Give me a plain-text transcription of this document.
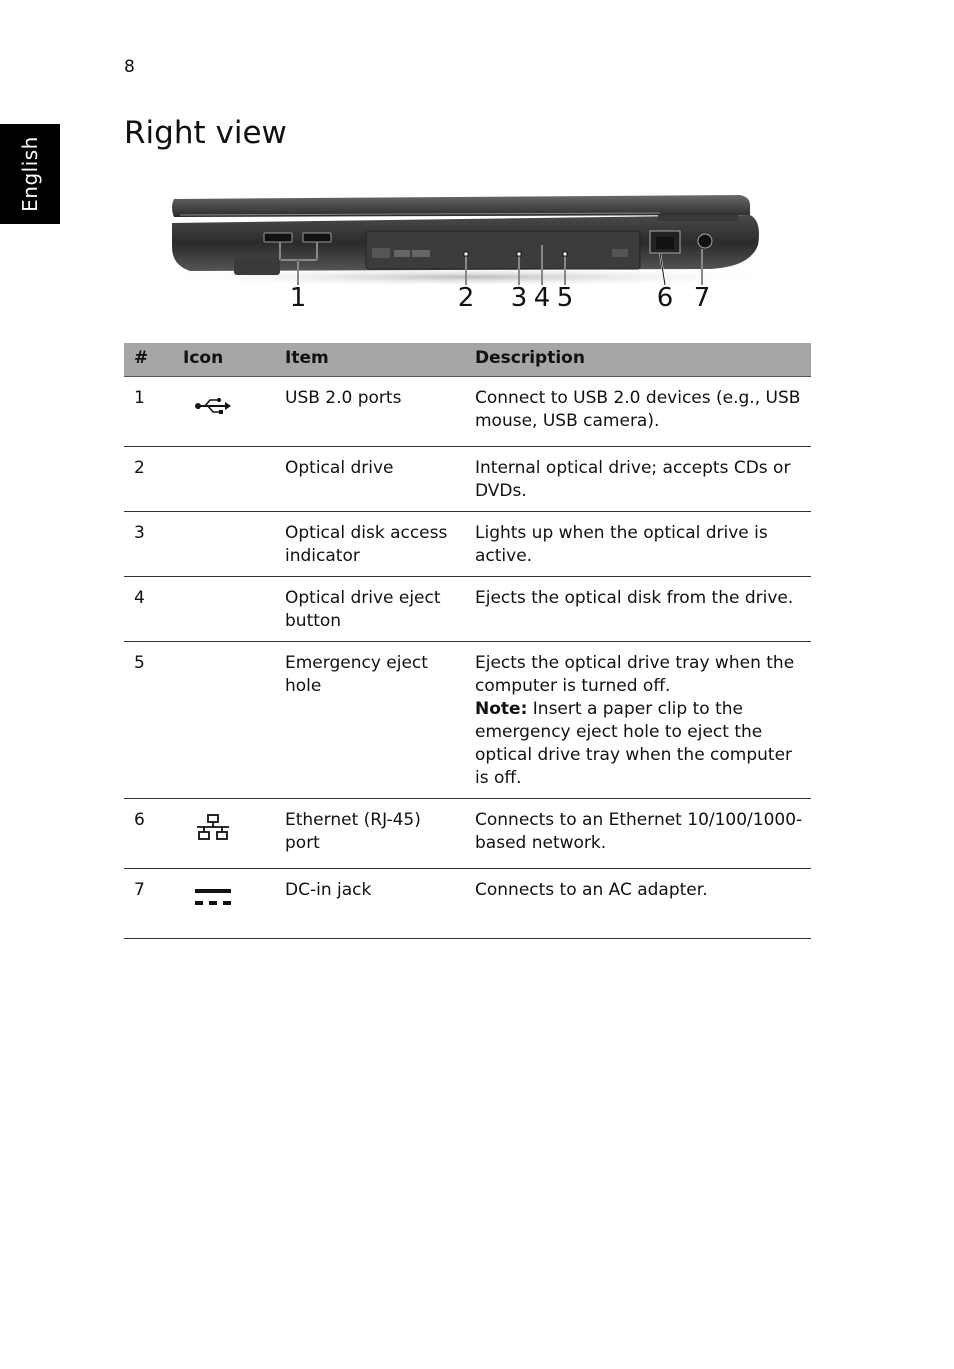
8
English
Right view
1	2 3 4 5	6 7
#	Icon	Item	Description
1		USB 2.0 ports	Connect to USB 2.0 devices (e.g., USB mouse, USB camera).
2		Optical drive	Internal optical drive; accepts CDs or DVDs.
3		Optical disk access indicator	Lights up when the optical drive is active.
4		Optical drive eject button	Ejects the optical disk from the drive.
5		Emergency eject hole	Ejects the optical drive tray when the computer is turned off.
Note: Insert a paper clip to the emergency eject hole to eject the optical drive tray when the computer is off.

6		Ethernet (RJ-45) port	Connects to an Ethernet 10/100/1000-based network.
7		DC-in jack	Connects to an AC adapter.
